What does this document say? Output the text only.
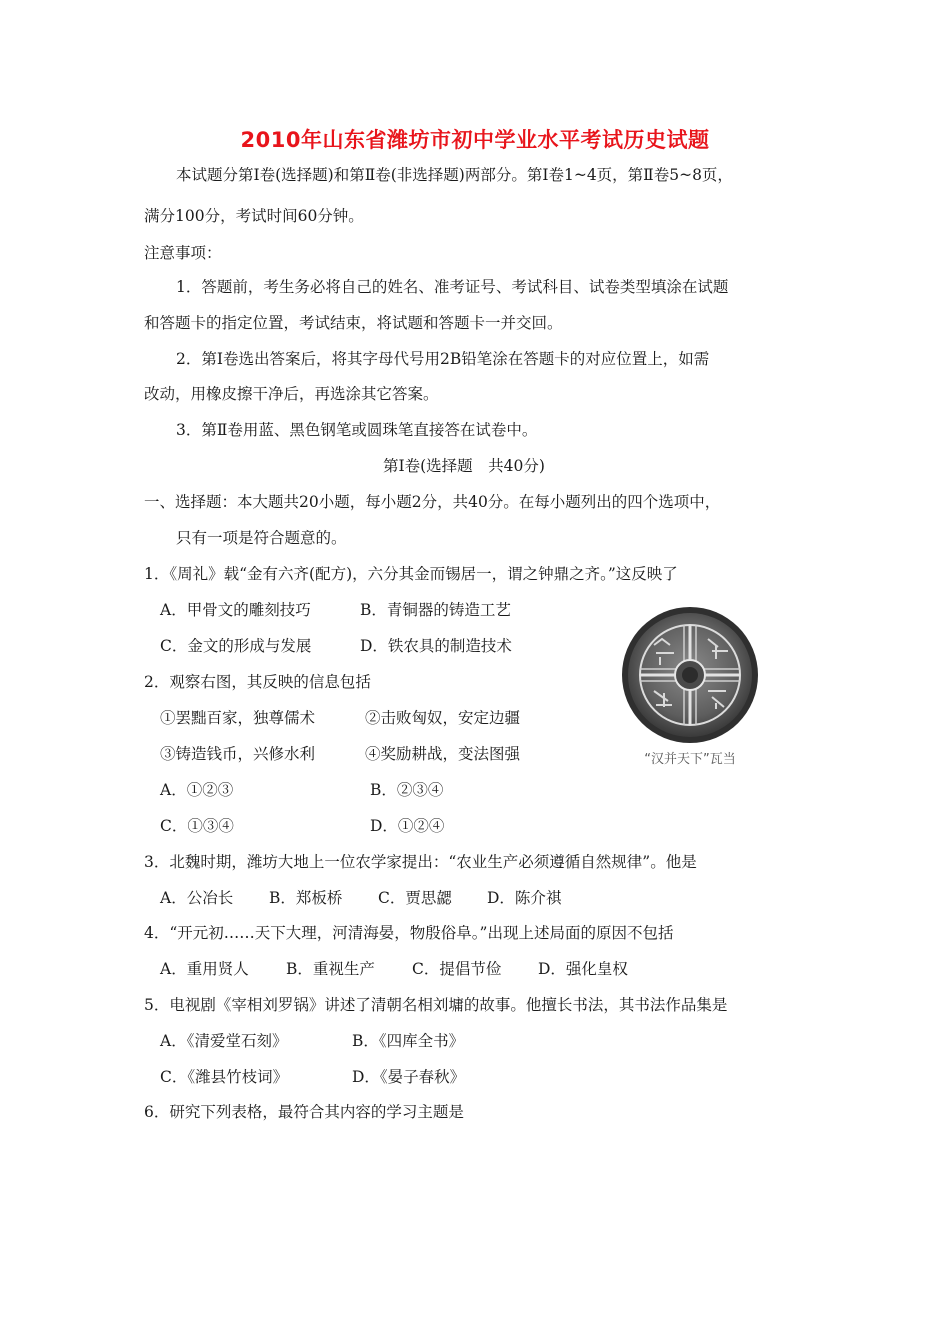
2010年山东省潍坊市初中学业水平考试历史试题
本试题分第Ⅰ卷(选择题)和第Ⅱ卷(非选择题)两部分。第Ⅰ卷1~4页，第Ⅱ卷5~8页，
满分100分，考试时间60分钟。
注意事项：
1．答题前，考生务必将自己的姓名、准考证号、考试科目、试卷类型填涂在试题
和答题卡的指定位置，考试结束，将试题和答题卡一并交回。
2．第Ⅰ卷选出答案后，将其字母代号用2B铅笔涂在答题卡的对应位置上，如需
改动，用橡皮擦干净后，再选涂其它答案。
3．第Ⅱ卷用蓝、黑色钢笔或圆珠笔直接答在试卷中。
第Ⅰ卷(选择题　共40分)
一、选择题：本大题共20小题，每小题2分，共40分。在每小题列出的四个选项中，
只有一项是符合题意的。
1．《周礼》载“金有六齐(配方)，六分其金而锡居一，谓之钟鼎之齐。”这反映了
A．甲骨文的雕刻技巧	B．青铜器的铸造工艺
C．金文的形成与发展	D．铁农具的制造技术
2．观察右图，其反映的信息包括
①罢黜百家，独尊儒术	②击败匈奴，安定边疆
③铸造钱币，兴修水利	④奖励耕战，变法图强
A．①②③	B．②③④
C．①③④	D．①②④
“汉并天下”瓦当
3．北魏时期，潍坊大地上一位农学家提出：“农业生产必须遵循自然规律”。他是
A．公冶长 B．郑板桥 C．贾思勰 D．陈介祺
4．“开元初……天下大理，河清海晏，物殷俗阜。”出现上述局面的原因不包括
A．重用贤人 B．重视生产 C．提倡节俭 D．强化皇权
5．电视剧《宰相刘罗锅》讲述了清朝名相刘墉的故事。他擅长书法，其书法作品集是
A．《清爱堂石刻》	B．《四库全书》
C．《潍县竹枝词》	D．《晏子春秋》
6．研究下列表格，最符合其内容的学习主题是
